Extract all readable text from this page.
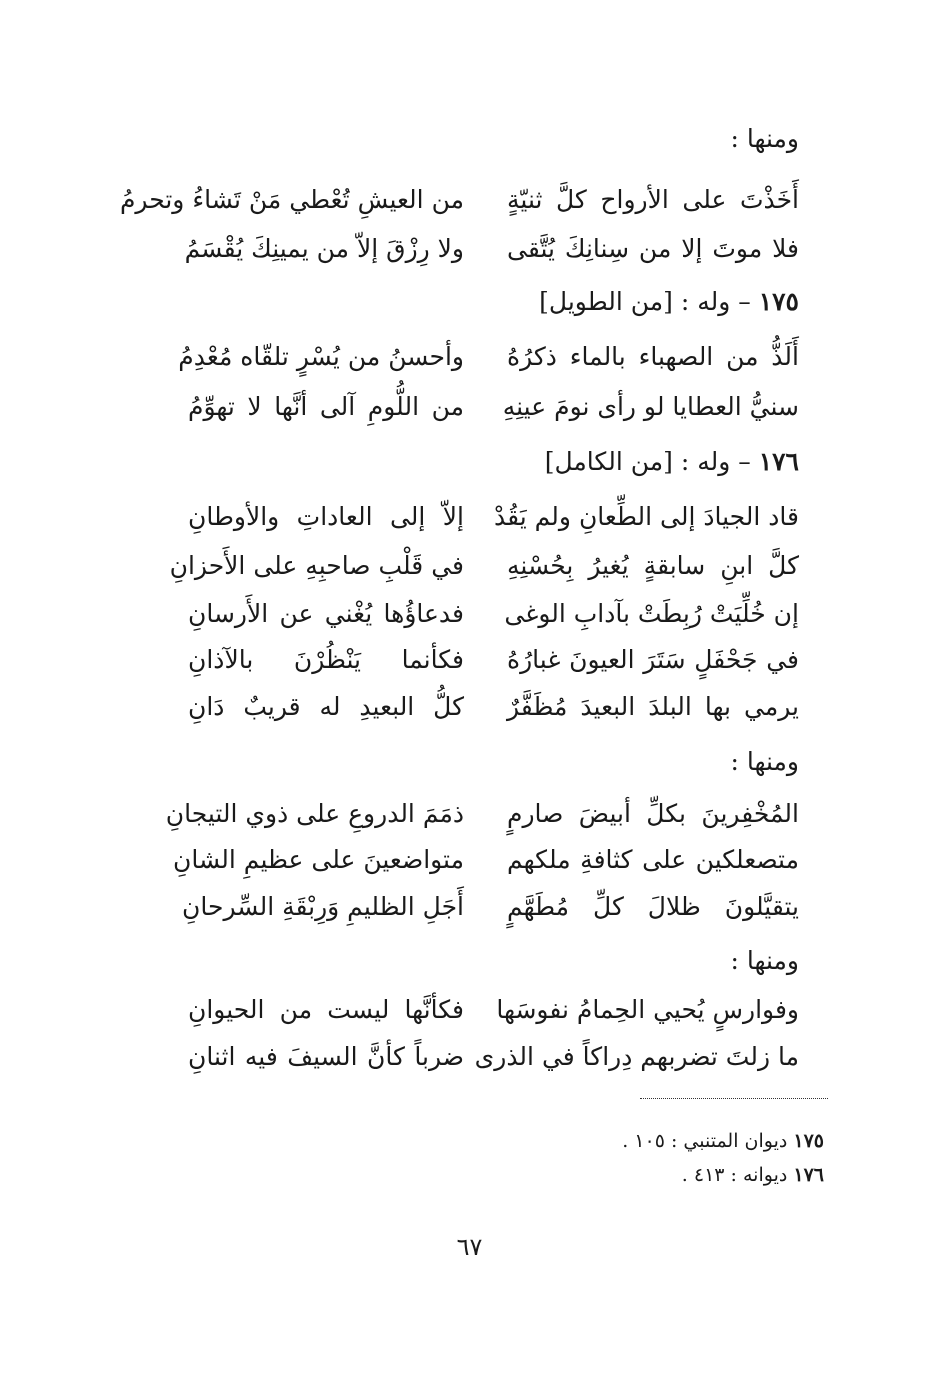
ومنها :
أَخَذْتَ على الأرواح كلَّ ثنيّةٍ
من العيشِ تُعْطي مَنْ تَشاءُ وتحرمُ
فلا موتَ إلا من سِنانِكَ يُتَّقى
ولا رِزْقَ إلاّ من يمينِكَ يُقْسَمُ
١٧٥ – وله : [من الطويل]
أَلَذُّ من الصهباء بالماء ذكرُهُ
وأحسنُ من يُسْرٍ تلقّاه مُعْدِمُ
سنيُّ العطايا لو رأى نومَ عينِهِ
من اللُّومِ آلى أنَّها لا تهوِّمُ
١٧٦ – وله : [من الكامل]
قاد الجيادَ إلى الطِّعانِ ولم يَقُدْ
إلاّ إلى العاداتِ والأوطانِ
كلَّ ابنِ سابقةٍ يُغيرُ بِحُسْنِهِ
في قَلْبِ صاحبِهِ على الأَحزانِ
إن خُلِّيَتْ رُبِطَتْ بآدابِ الوغى
فدعاؤُها يُغْني عن الأَرسانِ
في جَحْفَلٍ سَتَرَ العيونَ غبارُهُ
فكأنما يَنْظُرْنَ بالآذانِ
يرمي بها البلدَ البعيدَ مُظَفَّرٌ
كلُّ البعيدِ له قريبٌ دَانِ
ومنها :
المُخْفِرينَ بكلِّ أبيضَ صارمٍ
ذمَمَ الدروعِ على ذوي التيجانِ
متصعلكين على كثافةِ ملكهم
متواضعينَ على عظيمِ الشانِ
يتقيَّلونَ ظلالَ كلِّ مُطَهَّمٍ
أَجَلِ الظليمِ وَرِبْقَةِ السِّرحانِ
ومنها :
وفوارسٍ يُحيي الحِمامُ نفوسَها
فكأنَّها ليست من الحيوانِ
ما زلتَ تضربهم دِراكاً في الذرى
ضرباً كأنَّ السيفَ فيه اثنانِ
١٧٥ ديوان المتنبي : ١٠٥ .
١٧٦ ديوانه : ٤١٣ .
٦٧
